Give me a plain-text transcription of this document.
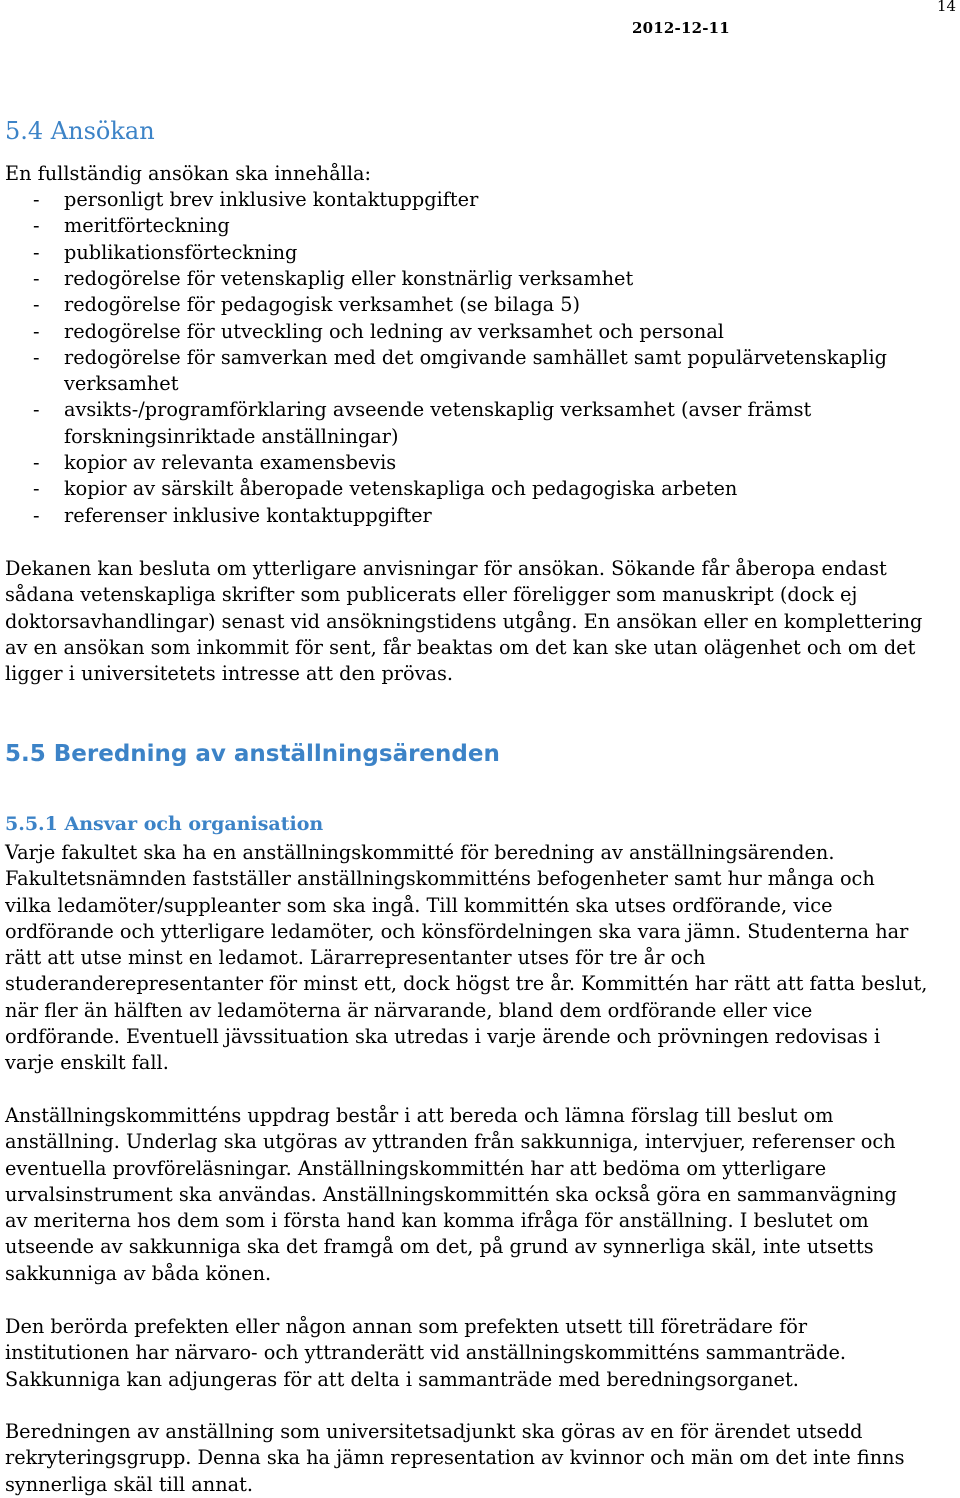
14
2012-12-11
5.4 Ansökan
En fullständig ansökan ska innehålla:
- personligt brev inklusive kontaktuppgifter
- meritförteckning
- publikationsförteckning
- redogörelse för vetenskaplig eller konstnärlig verksamhet
- redogörelse för pedagogisk verksamhet (se bilaga 5)
- redogörelse för utveckling och ledning av verksamhet och personal
- redogörelse för samverkan med det omgivande samhället samt populärvetenskaplig
verksamhet
- avsikts-/programförklaring avseende vetenskaplig verksamhet (avser främst
forskningsinriktade anställningar)
- kopior av relevanta examensbevis
- kopior av särskilt åberopade vetenskapliga och pedagogiska arbeten
- referenser inklusive kontaktuppgifter
Dekanen kan besluta om ytterligare anvisningar för ansökan. Sökande får åberopa endast
sådana vetenskapliga skrifter som publicerats eller föreligger som manuskript (dock ej
doktorsavhandlingar) senast vid ansökningstidens utgång. En ansökan eller en komplettering
av en ansökan som inkommit för sent, får beaktas om det kan ske utan olägenhet och om det
ligger i universitetets intresse att den prövas.
5.5 Beredning av anställningsärenden
5.5.1 Ansvar och organisation
Varje fakultet ska ha en anställningskommitté för beredning av anställningsärenden.
Fakultetsnämnden fastställer anställningskommitténs befogenheter samt hur många och
vilka ledamöter/suppleanter som ska ingå. Till kommittén ska utses ordförande, vice
ordförande och ytterligare ledamöter, och könsfördelningen ska vara jämn. Studenterna har
rätt att utse minst en ledamot. Lärarrepresentanter utses för tre år och
studeranderepresentanter för minst ett, dock högst tre år. Kommittén har rätt att fatta beslut,
när fler än hälften av ledamöterna är närvarande, bland dem ordförande eller vice
ordförande. Eventuell jävssituation ska utredas i varje ärende och prövningen redovisas i
varje enskilt fall.
Anställningskommitténs uppdrag består i att bereda och lämna förslag till beslut om
anställning. Underlag ska utgöras av yttranden från sakkunniga, intervjuer, referenser och
eventuella provföreläsningar. Anställningskommittén har att bedöma om ytterligare
urvalsinstrument ska användas. Anställningskommittén ska också göra en sammanvägning
av meriterna hos dem som i första hand kan komma ifråga för anställning. I beslutet om
utseende av sakkunniga ska det framgå om det, på grund av synnerliga skäl, inte utsetts
sakkunniga av båda könen.
Den berörda prefekten eller någon annan som prefekten utsett till företrädare för
institutionen har närvaro- och yttranderätt vid anställningskommitténs sammanträde.
Sakkunniga kan adjungeras för att delta i sammanträde med beredningsorganet.
Beredningen av anställning som universitetsadjunkt ska göras av en för ärendet utsedd
rekryteringsgrupp. Denna ska ha jämn representation av kvinnor och män om det inte finns
synnerliga skäl till annat.
